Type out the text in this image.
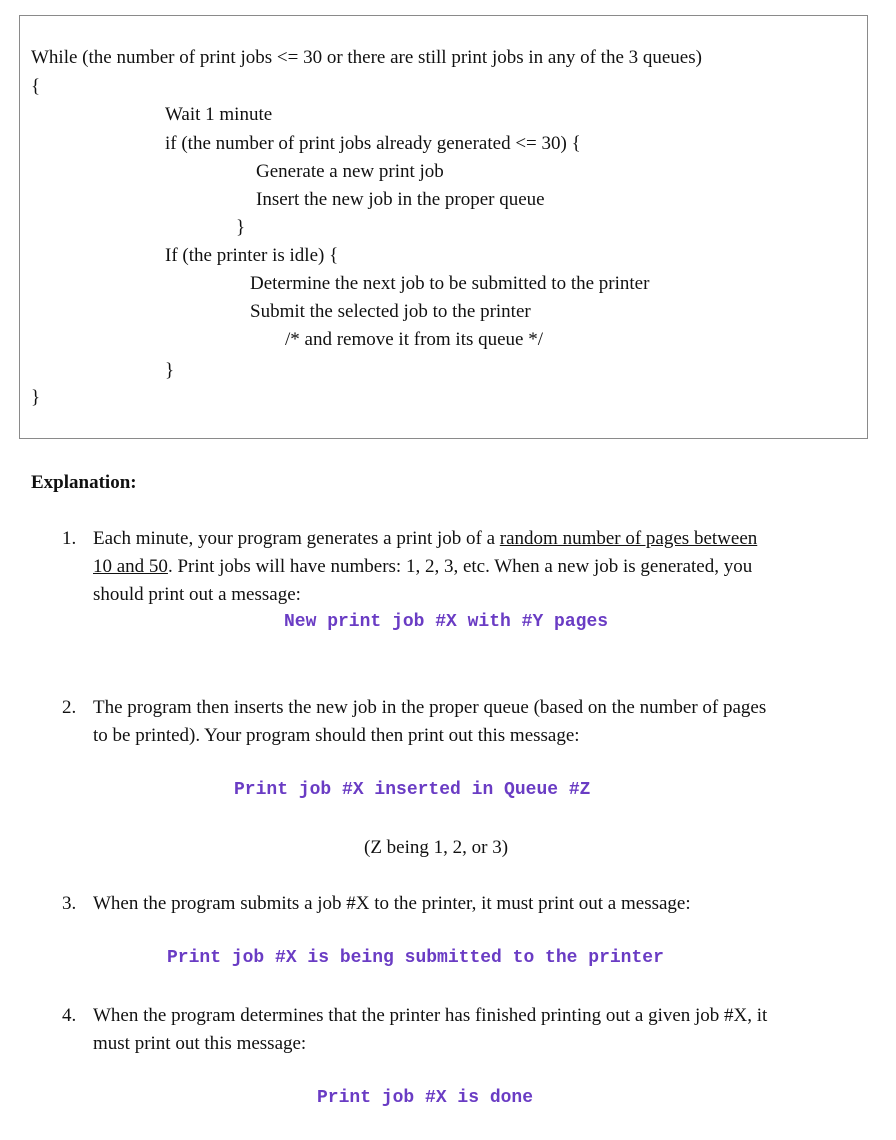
While (the number of print jobs <= 30 or there are still print jobs in any of the 3 queues)
{
Wait 1 minute
if (the number of print jobs already generated <= 30) {
Generate a new print job
Insert the new job in the proper queue
}
If (the printer is idle) {
Determine the next job to be submitted to the printer
Submit the selected job to the printer
/* and remove it from its queue */
}
}
Explanation:
1. Each minute, your program generates a print job of a random number of pages between
10 and 50. Print jobs will have numbers: 1, 2, 3, etc. When a new job is generated, you
should print out a message:
New print job #X with #Y pages
2. The program then inserts the new job in the proper queue (based on the number of pages
to be printed). Your program should then print out this message:
Print job #X inserted in Queue #Z
(Z being 1, 2, or 3)
3. When the program submits a job #X to the printer, it must print out a message:
Print job #X is being submitted to the printer
4. When the program determines that the printer has finished printing out a given job #X, it
must print out this message:
Print job #X is done
